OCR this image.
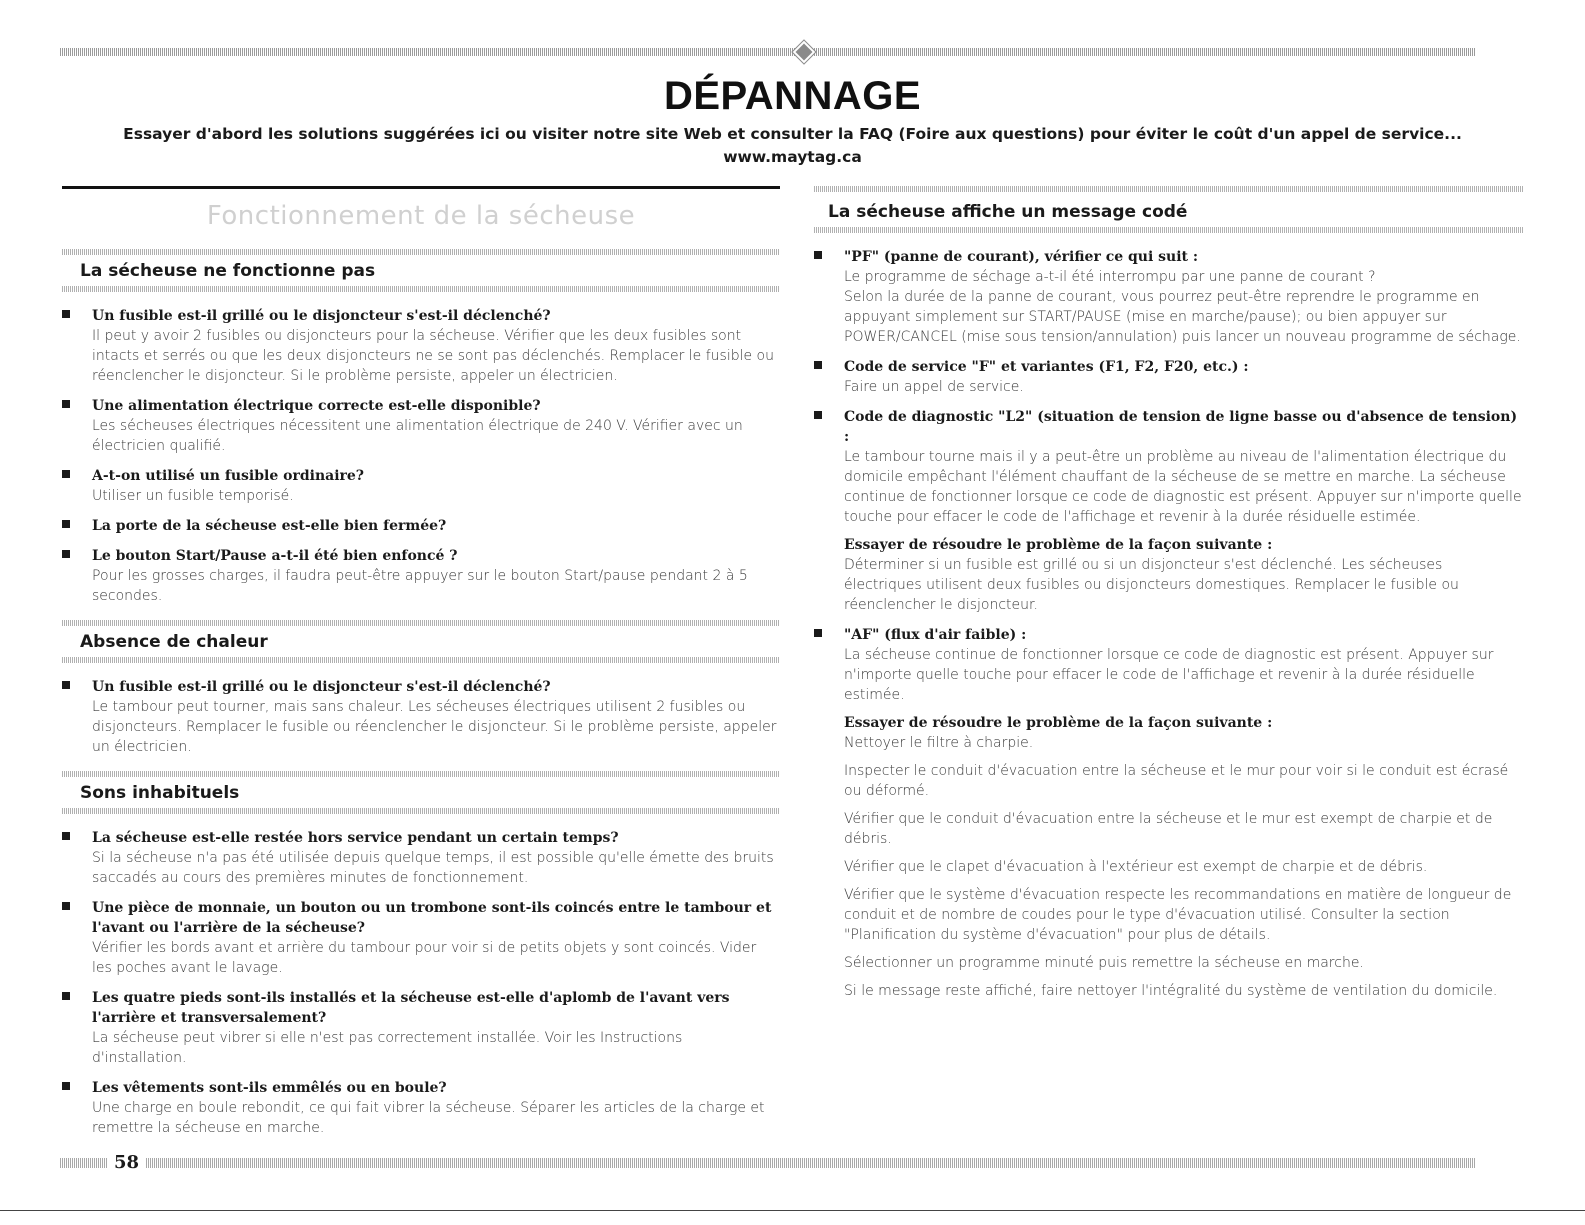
DÉPANNAGE
Essayer d'abord les solutions suggérées ici ou visiter notre site Web et consulter la FAQ (Foire aux questions) pour éviter le coût d'un appel de service...
www.maytag.ca
Fonctionnement de la sécheuse
La sécheuse ne fonctionne pas
Un fusible est-il grillé ou le disjoncteur s'est-il déclenché?
Il peut y avoir 2 fusibles ou disjoncteurs pour la sécheuse. Vérifier que les deux fusibles sont intacts et serrés ou que les deux disjoncteurs ne se sont pas déclenchés. Remplacer le fusible ou réenclencher le disjoncteur. Si le problème persiste, appeler un électricien.
Une alimentation électrique correcte est-elle disponible?
Les sécheuses électriques nécessitent une alimentation électrique de 240 V. Vérifier avec un électricien qualifié.
A-t-on utilisé un fusible ordinaire?
Utiliser un fusible temporisé.
La porte de la sécheuse est-elle bien fermée?
Le bouton Start/Pause a-t-il été bien enfoncé ?
Pour les grosses charges, il faudra peut-être appuyer sur le bouton Start/pause pendant 2 à 5 secondes.
Absence de chaleur
Un fusible est-il grillé ou le disjoncteur s'est-il déclenché?
Le tambour peut tourner, mais sans chaleur. Les sécheuses électriques utilisent 2 fusibles ou disjoncteurs. Remplacer le fusible ou réenclencher le disjoncteur. Si le problème persiste, appeler un électricien.
Sons inhabituels
La sécheuse est-elle restée hors service pendant un certain temps?
Si la sécheuse n'a pas été utilisée depuis quelque temps, il est possible qu'elle émette des bruits saccadés au cours des premières minutes de fonctionnement.
Une pièce de monnaie, un bouton ou un trombone sont-ils coincés entre le tambour et l'avant ou l'arrière de la sécheuse?
Vérifier les bords avant et arrière du tambour pour voir si de petits objets y sont coincés. Vider les poches avant le lavage.
Les quatre pieds sont-ils installés et la sécheuse est-elle d'aplomb de l'avant vers l'arrière et transversalement?
La sécheuse peut vibrer si elle n'est pas correctement installée. Voir les Instructions d'installation.
Les vêtements sont-ils emmêlés ou en boule?
Une charge en boule rebondit, ce qui fait vibrer la sécheuse. Séparer les articles de la charge et remettre la sécheuse en marche.
La sécheuse affiche un message codé
"PF" (panne de courant), vérifier ce qui suit :
Le programme de séchage a-t-il été interrompu par une panne de courant ?
Selon la durée de la panne de courant, vous pourrez peut-être reprendre le programme en appuyant simplement sur START/PAUSE (mise en marche/pause); ou bien appuyer sur POWER/CANCEL (mise sous tension/annulation) puis lancer un nouveau programme de séchage.
Code de service "F" et variantes (F1, F2, F20, etc.) :
Faire un appel de service.
Code de diagnostic "L2" (situation de tension de ligne basse ou d'absence de tension) :
Le tambour tourne mais il y a peut-être un problème au niveau de l'alimentation électrique du domicile empêchant l'élément chauffant de la sécheuse de se mettre en marche. La sécheuse continue de fonctionner lorsque ce code de diagnostic est présent. Appuyer sur n'importe quelle touche pour effacer le code de l'affichage et revenir à la durée résiduelle estimée.
Essayer de résoudre le problème de la façon suivante :
Déterminer si un fusible est grillé ou si un disjoncteur s'est déclenché. Les sécheuses électriques utilisent deux fusibles ou disjoncteurs domestiques. Remplacer le fusible ou réenclencher le disjoncteur.
"AF" (flux d'air faible) :
La sécheuse continue de fonctionner lorsque ce code de diagnostic est présent. Appuyer sur n'importe quelle touche pour effacer le code de l'affichage et revenir à la durée résiduelle estimée.
Essayer de résoudre le problème de la façon suivante :
Nettoyer le filtre à charpie.
Inspecter le conduit d'évacuation entre la sécheuse et le mur pour voir si le conduit est écrasé ou déformé.
Vérifier que le conduit d'évacuation entre la sécheuse et le mur est exempt de charpie et de débris.
Vérifier que le clapet d'évacuation à l'extérieur est exempt de charpie et de débris.
Vérifier que le système d'évacuation respecte les recommandations en matière de longueur de conduit et de nombre de coudes pour le type d'évacuation utilisé. Consulter la section "Planification du système d'évacuation" pour plus de détails.
Sélectionner un programme minuté puis remettre la sécheuse en marche.
Si le message reste affiché, faire nettoyer l'intégralité du système de ventilation du domicile.
58
